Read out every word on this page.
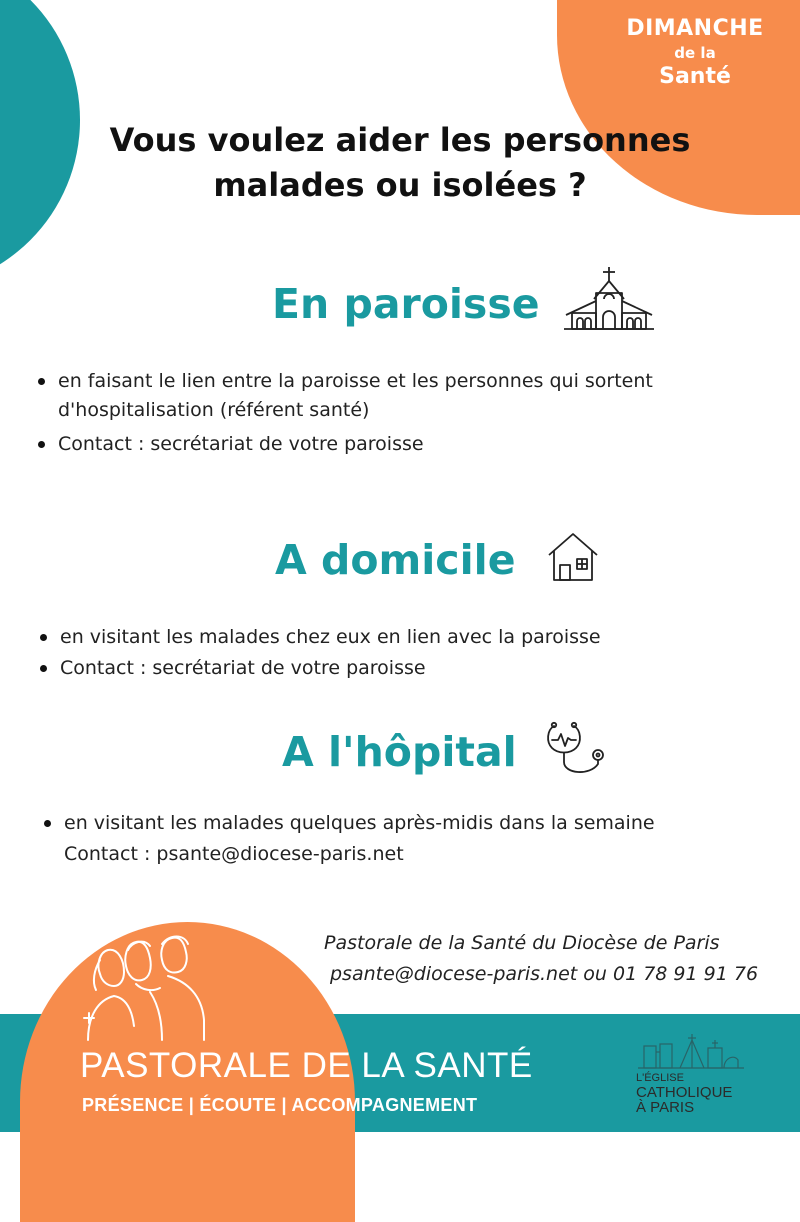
DIMANCHE
de la
Santé
Vous voulez aider les personnes
malades ou isolées ?
En paroisse
en faisant le lien entre la paroisse et les personnes qui sortent d'hospitalisation (référent santé)
Contact : secrétariat de votre paroisse
A domicile
en visitant les malades chez eux en lien avec la paroisse
Contact : secrétariat de votre paroisse
A l'hôpital
en visitant les malades quelques après-midis dans la semaine
Contact : psante@diocese-paris.net
Pastorale de la Santé du Diocèse de Paris
psante@diocese-paris.net ou 01 78 91 91 76
PASTORALE DE LA SANTÉ
PRÉSENCE | ÉCOUTE | ACCOMPAGNEMENT
L'ÉGLISE
CATHOLIQUE
À PARIS
